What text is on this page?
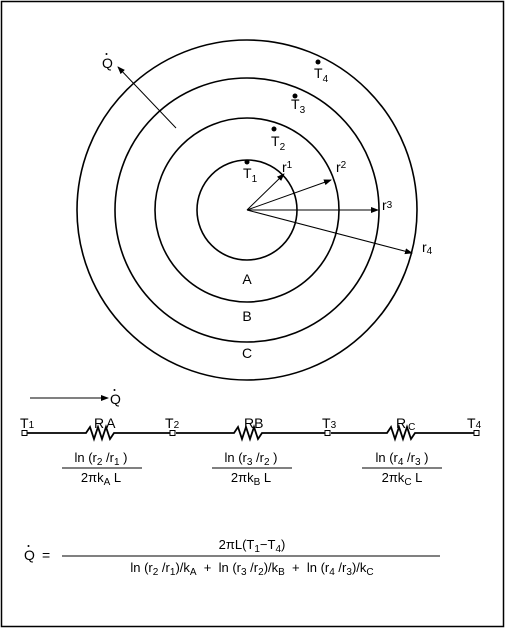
$T_1$
$T_2$
$T_3$
$T_4$
$r^1$	$r^2$
r3
r4
A
B
C
Q
Q
T1	T2	T3	T4
R A	RB	R C
$\ln (r_2$ $/r_1$ )
$2\pi k_A$ L
$\ln (r_3$ $/r_2$ )
$2\pi k_B$ L
$\ln (r_4$ $/r_3$ )
$2\pi k_C$ L
Q =
$2\pi L(T_1-T_4)$
$\ln (r_2$ $/r_1)/k_A + \ln (r_3$ $/r_2)/k_B + \ln (r_4$ $/r_3)/k_C$
